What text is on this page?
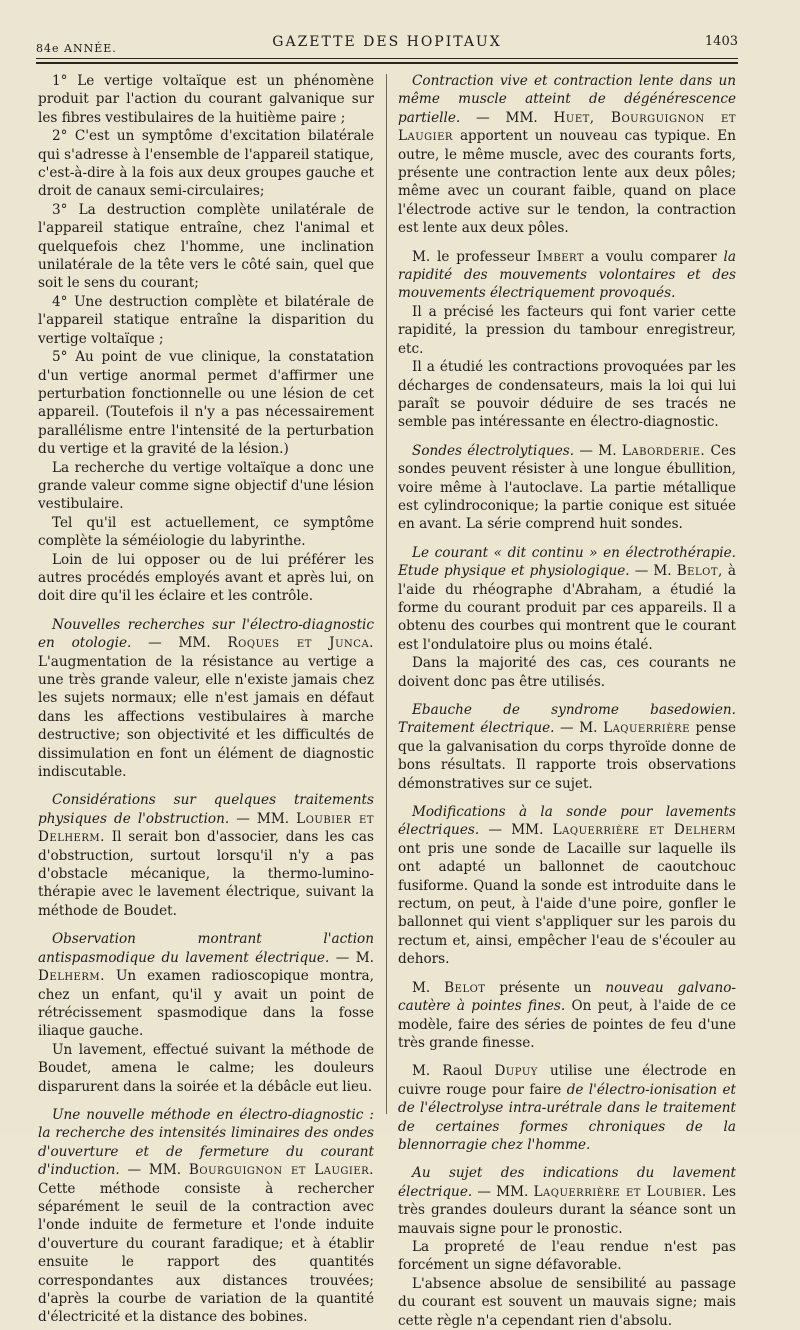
84e ANNÉE.	GAZETTE DES HOPITAUX	1403

1° Le vertige voltaïque est un phénomène produit par l'action du courant galvanique sur les fibres vestibulaires de la huitième paire ;

2° C'est un symptôme d'excitation bilatérale qui s'adresse à l'ensemble de l'appareil statique, c'est-à-dire à la fois aux deux groupes gauche et droit de canaux semi-circulaires;

3° La destruction complète unilatérale de l'appareil statique entraîne, chez l'animal et quelquefois chez l'homme, une inclination unilatérale de la tête vers le côté sain, quel que soit le sens du courant;

4° Une destruction complète et bilatérale de l'appareil statique entraîne la disparition du vertige voltaïque ;

5° Au point de vue clinique, la constatation d'un vertige anormal permet d'affirmer une perturbation fonctionnelle ou une lésion de cet appareil. (Toutefois il n'y a pas nécessairement parallélisme entre l'intensité de la perturbation du vertige et la gravité de la lésion.)

La recherche du vertige voltaïque a donc une grande valeur comme signe objectif d'une lésion vestibulaire.

Tel qu'il est actuellement, ce symptôme complète la séméiologie du labyrinthe.

Loin de lui opposer ou de lui préférer les autres procédés employés avant et après lui, on doit dire qu'il les éclaire et les contrôle.

Nouvelles recherches sur l'électro-diagnostic en otologie. — MM. Roques et Junca. L'augmentation de la résistance au vertige a une très grande valeur, elle n'existe jamais chez les sujets normaux; elle n'est jamais en défaut dans les affections vestibulaires à marche destructive; son objectivité et les difficultés de dissimulation en font un élément de diagnostic indiscutable.

Considérations sur quelques traitements physiques de l'obstruction. — MM. Loubier et Delherm. Il serait bon d'associer, dans les cas d'obstruction, surtout lorsqu'il n'y a pas d'obstacle mécanique, la thermo-lumino-thérapie avec le lavement électrique, suivant la méthode de Boudet.

Observation montrant l'action antispasmodique du lavement électrique. — M. Delherm. Un examen radioscopique montra, chez un enfant, qu'il y avait un point de rétrécissement spasmodique dans la fosse iliaque gauche.

Un lavement, effectué suivant la méthode de Boudet, amena le calme; les douleurs disparurent dans la soirée et la débâcle eut lieu.

Une nouvelle méthode en électro-diagnostic : la recherche des intensités liminaires des ondes d'ouverture et de fermeture du courant d'induction. — MM. Bourguignon et Laugier. Cette méthode consiste à rechercher séparément le seuil de la contraction avec l'onde induite de fermeture et l'onde induite d'ouverture du courant faradique; et à établir ensuite le rapport des quantités correspondantes aux distances trouvées; d'après la courbe de variation de la quantité d'électricité et la distance des bobines.

Contraction vive et contraction lente dans un même muscle atteint de dégénérescence partielle. — MM. Huet, Bourguignon et Laugier apportent un nouveau cas typique. En outre, le même muscle, avec des courants forts, présente une contraction lente aux deux pôles; même avec un courant faible, quand on place l'électrode active sur le tendon, la contraction est lente aux deux pôles.

M. le professeur Imbert a voulu comparer la rapidité des mouvements volontaires et des mouvements électriquement provoqués.

Il a précisé les facteurs qui font varier cette rapidité, la pression du tambour enregistreur, etc.

Il a étudié les contractions provoquées par les décharges de condensateurs, mais la loi qui lui paraît se pouvoir déduire de ses tracés ne semble pas intéressante en électro-diagnostic.

Sondes électrolytiques. — M. Laborderie. Ces sondes peuvent résister à une longue ébullition, voire même à l'autoclave. La partie métallique est cylindroconique; la partie conique est située en avant. La série comprend huit sondes.

Le courant « dit continu » en électrothérapie. Etude physique et physiologique. — M. Belot, à l'aide du rhéographe d'Abraham, a étudié la forme du courant produit par ces appareils. Il a obtenu des courbes qui montrent que le courant est l'ondulatoire plus ou moins étalé.

Dans la majorité des cas, ces courants ne doivent donc pas être utilisés.

Ebauche de syndrome basedowien. Traitement électrique. — M. Laquerrière pense que la galvanisation du corps thyroïde donne de bons résultats. Il rapporte trois observations démonstratives sur ce sujet.

Modifications à la sonde pour lavements électriques. — MM. Laquerrière et Delherm ont pris une sonde de Lacaille sur laquelle ils ont adapté un ballonnet de caoutchouc fusiforme. Quand la sonde est introduite dans le rectum, on peut, à l'aide d'une poire, gonfler le ballonnet qui vient s'appliquer sur les parois du rectum et, ainsi, empêcher l'eau de s'écouler au dehors.

M. Belot présente un nouveau galvano-cautère à pointes fines. On peut, à l'aide de ce modèle, faire des séries de pointes de feu d'une très grande finesse.

M. Raoul Dupuy utilise une électrode en cuivre rouge pour faire de l'électro-ionisation et de l'électrolyse intra-urétrale dans le traitement de certaines formes chroniques de la blennorragie chez l'homme.

Au sujet des indications du lavement électrique. — MM. Laquerrière et Loubier. Les très grandes douleurs durant la séance sont un mauvais signe pour le pronostic.

La propreté de l'eau rendue n'est pas forcément un signe défavorable.

L'absence absolue de sensibilité au passage du courant est souvent un mauvais signe; mais cette règle n'a cependant rien d'absolu.
